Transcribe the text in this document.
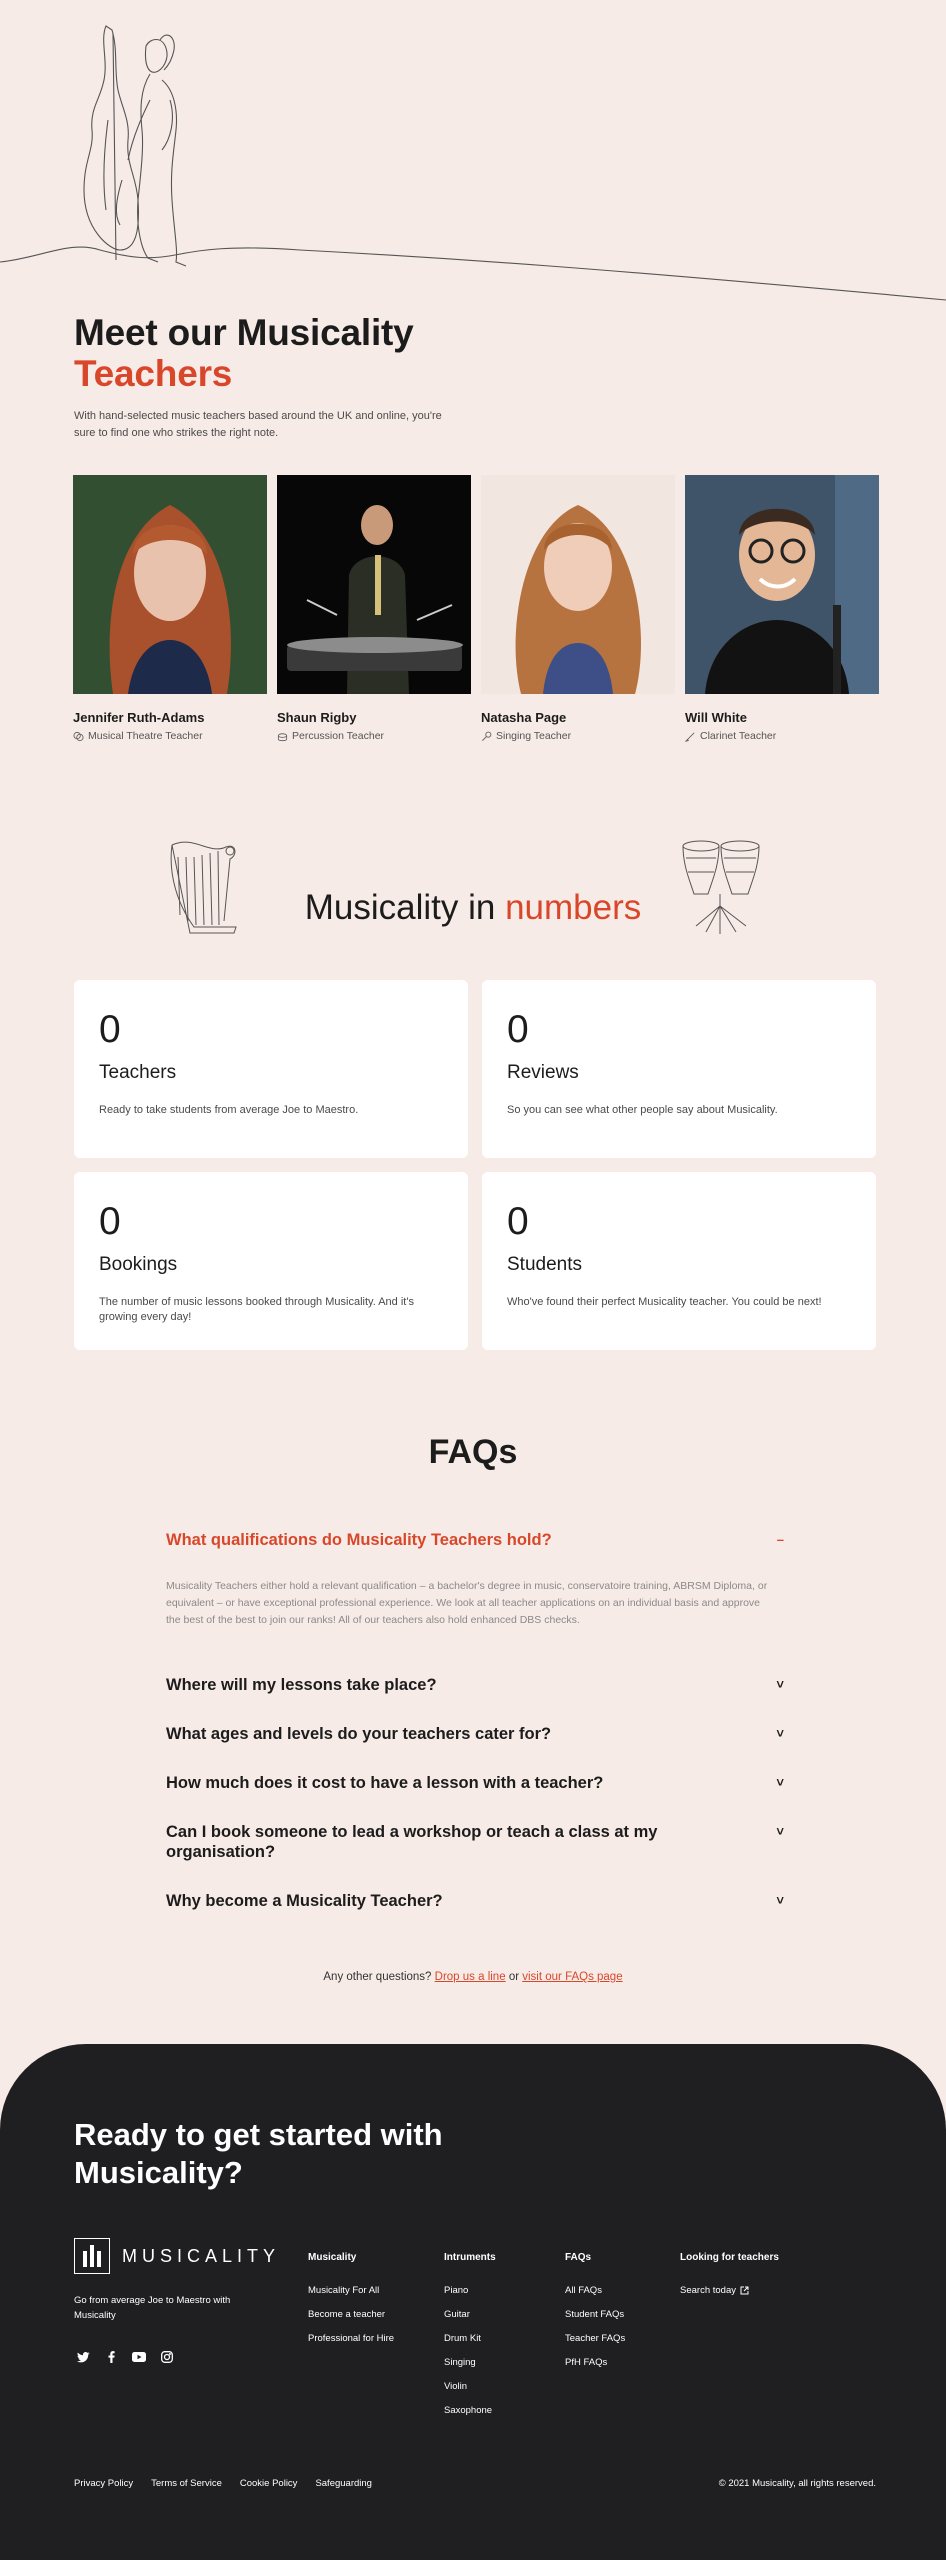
Meet our Musicality
Teachers

With hand-selected music teachers based around the UK and online, you're sure to find one who strikes the right note.

Jennifer Ruth-Adams
Musical Theatre Teacher
Shaun Rigby
Percussion Teacher
Natasha Page
Singing Teacher
Will White
Clarinet Teacher
Musicality in numbers
0
Teachers
Ready to take students from average Joe to Maestro.
0
Reviews
So you can see what other people say about Musicality.
0
Bookings
The number of music lessons booked through Musicality. And it's growing every day!
0
Students
Who've found their perfect Musicality teacher. You could be next!
FAQs
What qualifications do Musicality Teachers hold?	–
Musicality Teachers either hold a relevant qualification – a bachelor's degree in music, conservatoire training, ABRSM Diploma, or equivalent – or have exceptional professional experience. We look at all teacher applications on an individual basis and approve the best of the best to join our ranks! All of our teachers also hold enhanced DBS checks.
Where will my lessons take place?	˅
What ages and levels do your teachers cater for?	˅
How much does it cost to have a lesson with a teacher?	˅
Can I book someone to lead a workshop or teach a class at my organisation?
˅
Why become a Musicality Teacher?	˅
Any other questions? Drop us a line or visit our FAQs page
Ready to get started with Musicality?
MUSICALITY
Go from average Joe to Maestro with Musicality
Musicality
Musicality For All
Become a teacher
Professional for Hire
Intruments
Piano
Guitar
Drum Kit
Singing
Violin
Saxophone
FAQs
All FAQs
Student FAQs
Teacher FAQs
PfH FAQs
Looking for teachers
Search today
Privacy Policy Terms of Service Cookie Policy Safeguarding	© 2021 Musicality, all rights reserved.
